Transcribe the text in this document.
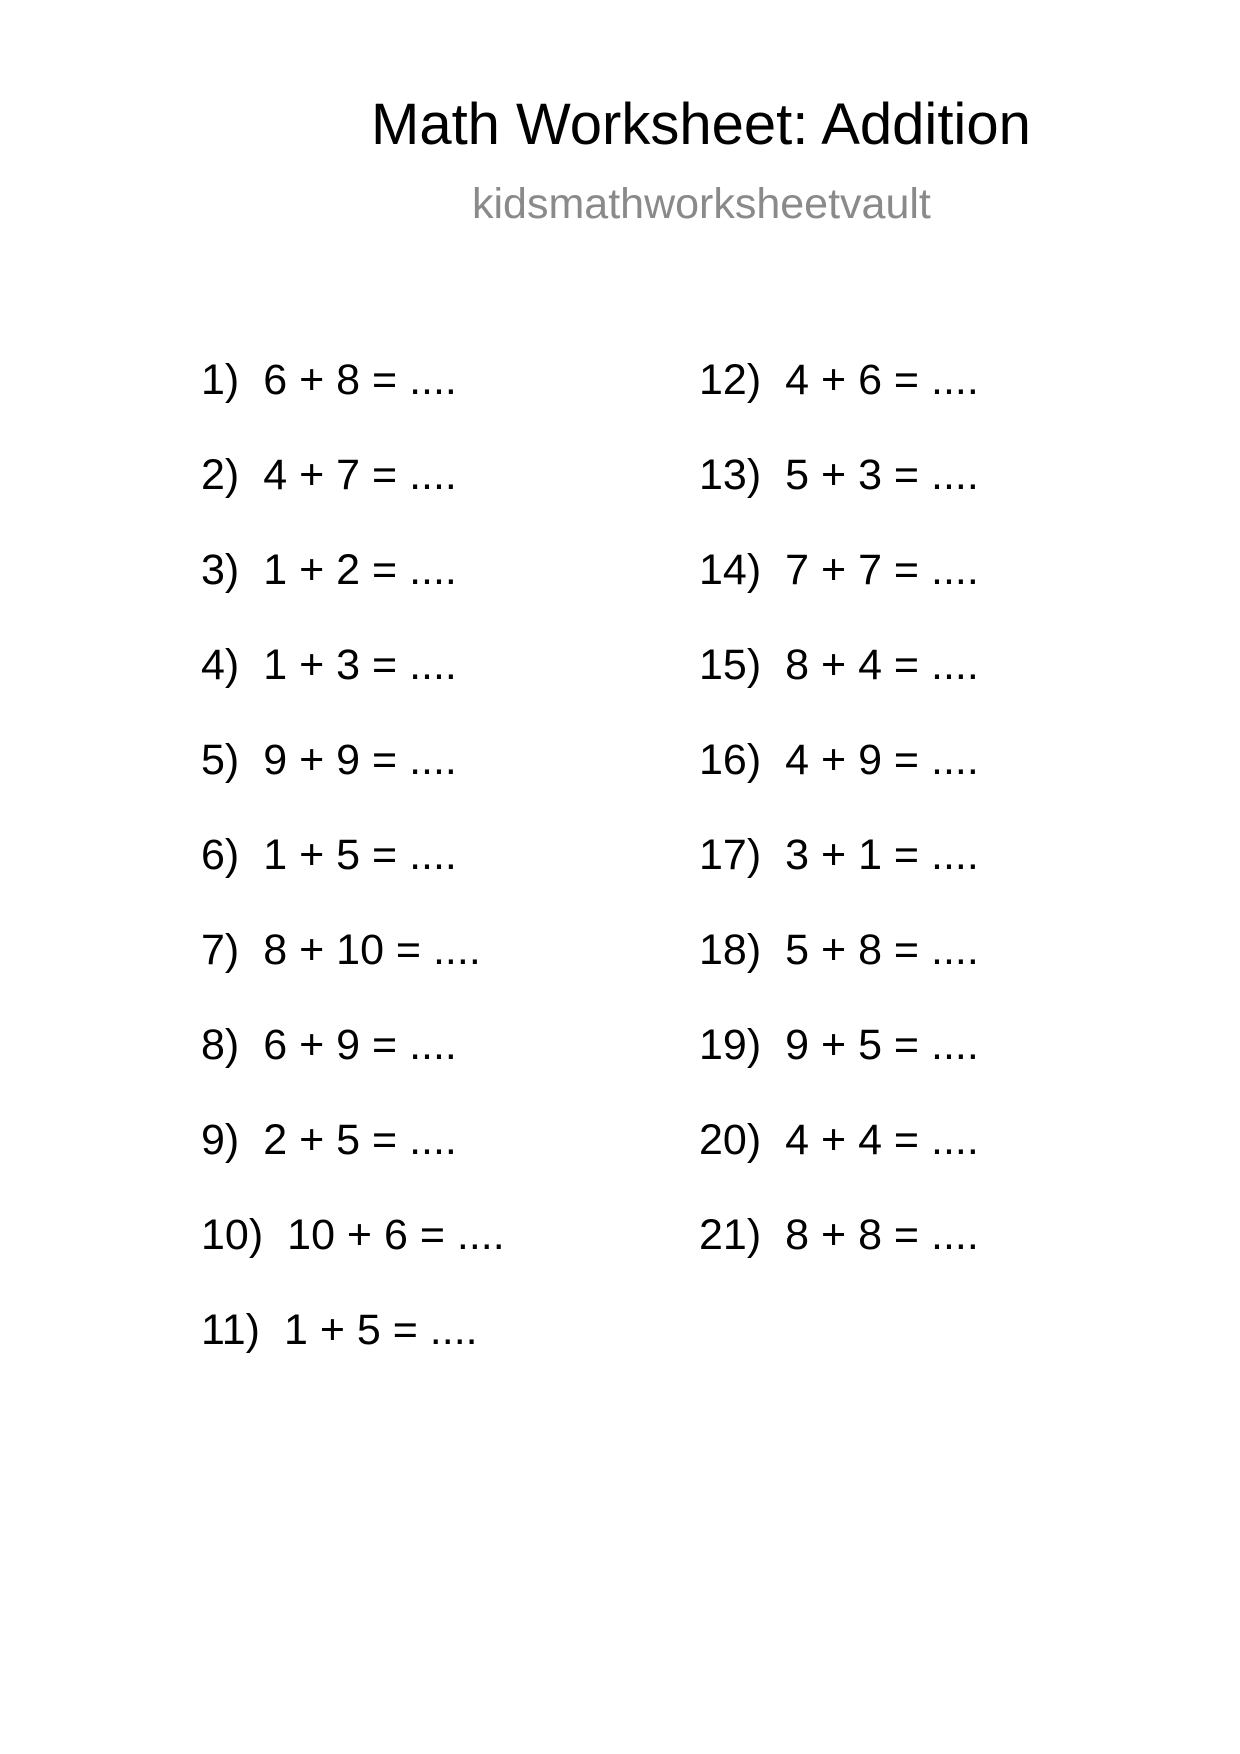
Math Worksheet: Addition
kidsmathworksheetvault
1) 6 + 8 = ....
2) 4 + 7 = ....
3) 1 + 2 = ....
4) 1 + 3 = ....
5) 9 + 9 = ....
6) 1 + 5 = ....
7) 8 + 10 = ....
8) 6 + 9 = ....
9) 2 + 5 = ....
10) 10 + 6 = ....
11) 1 + 5 = ....
12) 4 + 6 = ....
13) 5 + 3 = ....
14) 7 + 7 = ....
15) 8 + 4 = ....
16) 4 + 9 = ....
17) 3 + 1 = ....
18) 5 + 8 = ....
19) 9 + 5 = ....
20) 4 + 4 = ....
21) 8 + 8 = ....
